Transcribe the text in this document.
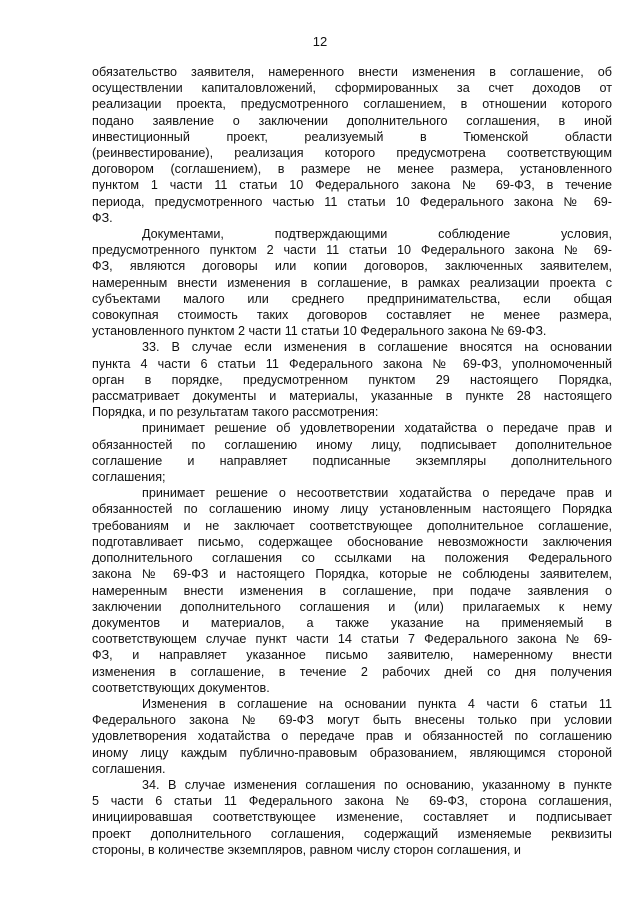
12
обязательство заявителя, намеренного внести изменения в соглашение, об
осуществлении капиталовложений, сформированных за счет доходов от
реализации проекта, предусмотренного соглашением, в отношении которого
подано заявление о заключении дополнительного соглашения, в иной
инвестиционный проект, реализуемый в Тюменской области
(реинвестирование), реализация которого предусмотрена соответствующим
договором (соглашением), в размере не менее размера, установленного
пунктом 1 части 11 статьи 10 Федерального закона № 69-ФЗ, в течение
периода, предусмотренного частью 11 статьи 10 Федерального закона № 69-
ФЗ.
Документами, подтверждающими соблюдение условия,
предусмотренного пунктом 2 части 11 статьи 10 Федерального закона № 69-
ФЗ, являются договоры или копии договоров, заключенных заявителем,
намеренным внести изменения в соглашение, в рамках реализации проекта с
субъектами малого или среднего предпринимательства, если общая
совокупная стоимость таких договоров составляет не менее размера,
установленного пунктом 2 части 11 статьи 10 Федерального закона № 69-ФЗ.
33. В случае если изменения в соглашение вносятся на основании
пункта 4 части 6 статьи 11 Федерального закона № 69-ФЗ, уполномоченный
орган в порядке, предусмотренном пунктом 29 настоящего Порядка,
рассматривает документы и материалы, указанные в пункте 28 настоящего
Порядка, и по результатам такого рассмотрения:
принимает решение об удовлетворении ходатайства о передаче прав и
обязанностей по соглашению иному лицу, подписывает дополнительное
соглашение и направляет подписанные экземпляры дополнительного
соглашения;
принимает решение о несоответствии ходатайства о передаче прав и
обязанностей по соглашению иному лицу установленным настоящего Порядка
требованиям и не заключает соответствующее дополнительное соглашение,
подготавливает письмо, содержащее обоснование невозможности заключения
дополнительного соглашения со ссылками на положения Федерального
закона № 69-ФЗ и настоящего Порядка, которые не соблюдены заявителем,
намеренным внести изменения в соглашение, при подаче заявления о
заключении дополнительного соглашения и (или) прилагаемых к нему
документов и материалов, а также указание на применяемый в
соответствующем случае пункт части 14 статьи 7 Федерального закона № 69-
ФЗ, и направляет указанное письмо заявителю, намеренному внести
изменения в соглашение, в течение 2 рабочих дней со дня получения
соответствующих документов.
Изменения в соглашение на основании пункта 4 части 6 статьи 11
Федерального закона № 69-ФЗ могут быть внесены только при условии
удовлетворения ходатайства о передаче прав и обязанностей по соглашению
иному лицу каждым публично-правовым образованием, являющимся стороной
соглашения.
34. В случае изменения соглашения по основанию, указанному в пункте
5 части 6 статьи 11 Федерального закона № 69-ФЗ, сторона соглашения,
инициировавшая соответствующее изменение, составляет и подписывает
проект дополнительного соглашения, содержащий изменяемые реквизиты
стороны, в количестве экземпляров, равном числу сторон соглашения, и
